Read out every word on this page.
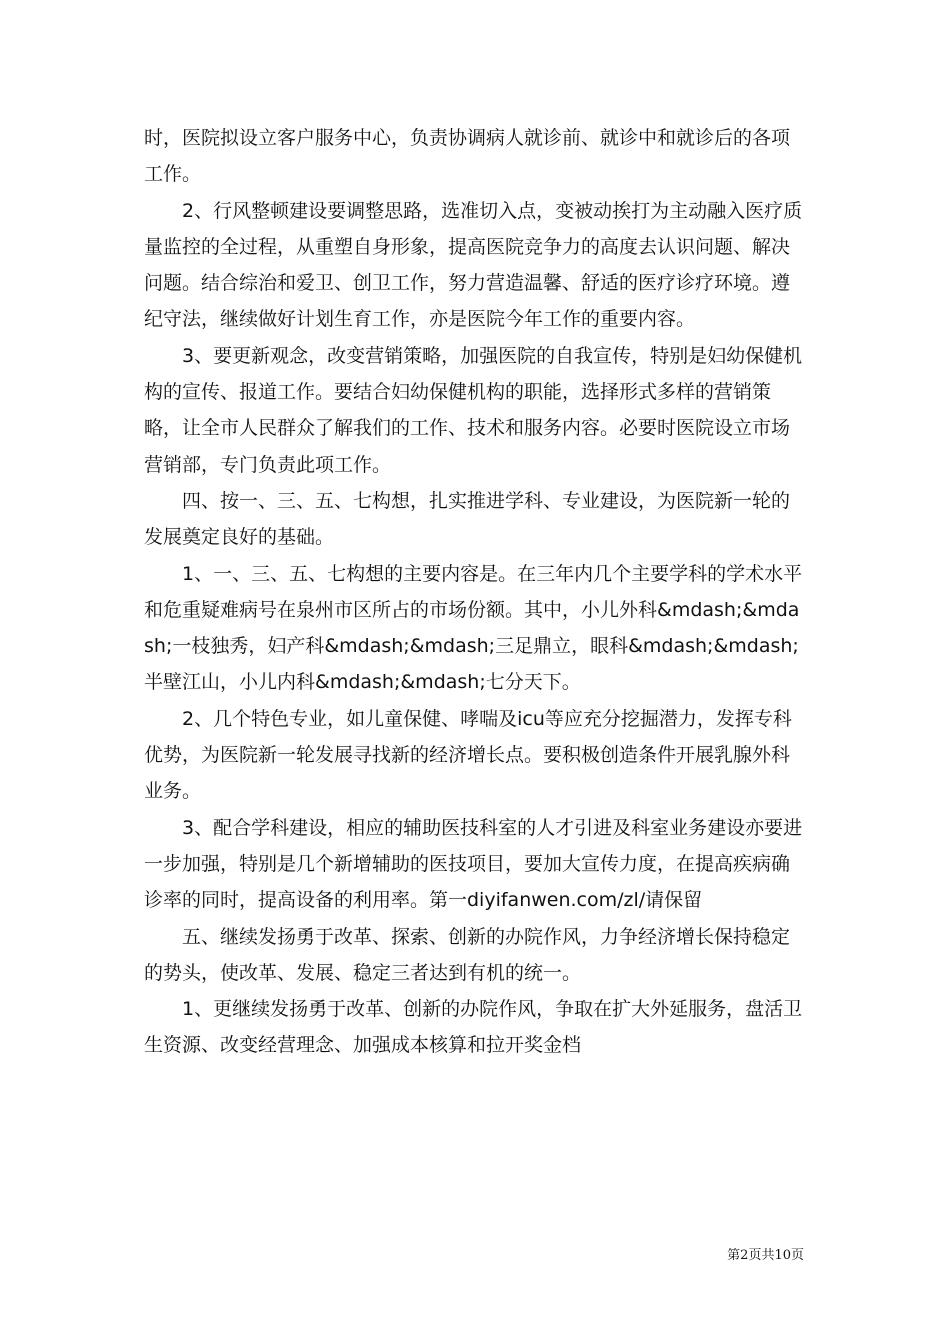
时，医院拟设立客户服务中心，负责协调病人就诊前、就诊中和就诊后的各项工作。

2、行风整顿建设要调整思路，选准切入点，变被动挨打为主动融入医疗质量监控的全过程，从重塑自身形象，提高医院竞争力的高度去认识问题、解决问题。结合综治和爱卫、创卫工作，努力营造温馨、舒适的医疗诊疗环境。遵纪守法，继续做好计划生育工作，亦是医院今年工作的重要内容。

3、要更新观念，改变营销策略，加强医院的自我宣传，特别是妇幼保健机构的宣传、报道工作。要结合妇幼保健机构的职能，选择形式多样的营销策略，让全市人民群众了解我们的工作、技术和服务内容。必要时医院设立市场营销部，专门负责此项工作。

四、按一、三、五、七构想，扎实推进学科、专业建设，为医院新一轮的发展奠定良好的基础。

1、一、三、五、七构想的主要内容是。在三年内几个主要学科的学术水平和危重疑难病号在泉州市区所占的市场份额。其中，小儿外科&mdash;&mdash;一枝独秀，妇产科&mdash;&mdash;三足鼎立，眼科&mdash;&mdash;半壁江山，小儿内科&mdash;&mdash;七分天下。

2、几个特色专业，如儿童保健、哮喘及icu等应充分挖掘潜力，发挥专科优势，为医院新一轮发展寻找新的经济增长点。要积极创造条件开展乳腺外科业务。

3、配合学科建设，相应的辅助医技科室的人才引进及科室业务建设亦要进一步加强，特别是几个新增辅助的医技项目，要加大宣传力度，在提高疾病确诊率的同时，提高设备的利用率。第一diyifanwen.com/zl/请保留

五、继续发扬勇于改革、探索、创新的办院作风，力争经济增长保持稳定的势头，使改革、发展、稳定三者达到有机的统一。

1、更继续发扬勇于改革、创新的办院作风，争取在扩大外延服务，盘活卫生资源、改变经营理念、加强成本核算和拉开奖金档

第2页共10页
